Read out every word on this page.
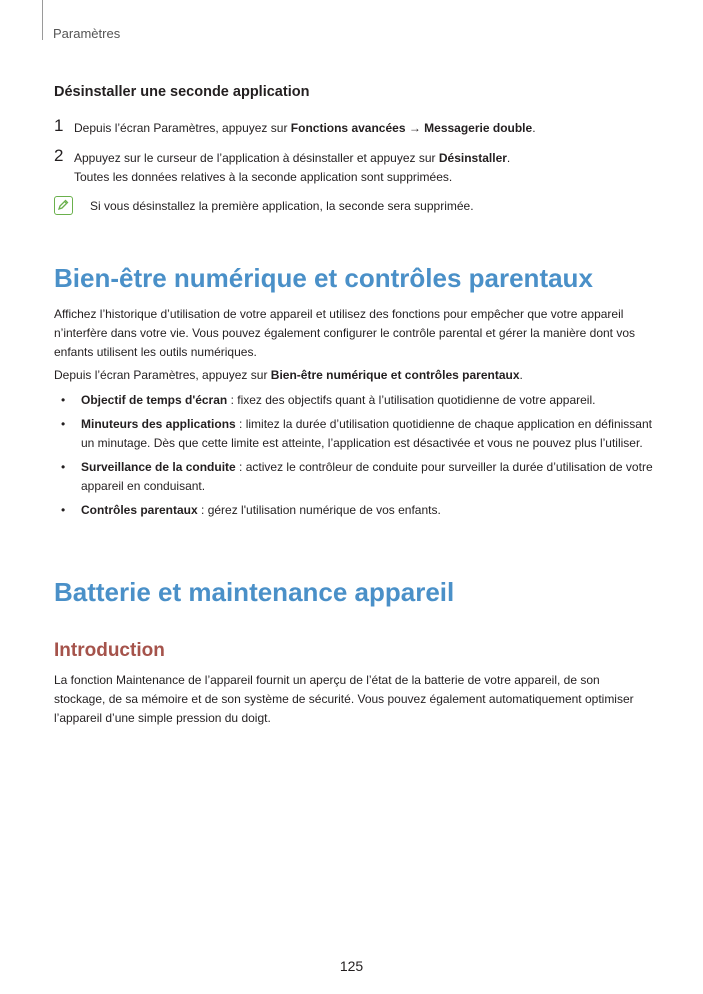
Paramètres
Désinstaller une seconde application
1 Depuis l’écran Paramètres, appuyez sur Fonctions avancées → Messagerie double.
2 Appuyez sur le curseur de l’application à désinstaller et appuyez sur Désinstaller.
Toutes les données relatives à la seconde application sont supprimées.
Si vous désinstallez la première application, la seconde sera supprimée.
Bien-être numérique et contrôles parentaux

Affichez l’historique d’utilisation de votre appareil et utilisez des fonctions pour empêcher que votre appareil n’interfère dans votre vie. Vous pouvez également configurer le contrôle parental et gérer la manière dont vos enfants utilisent les outils numériques.

Depuis l’écran Paramètres, appuyez sur Bien-être numérique et contrôles parentaux.

• Objectif de temps d'écran : fixez des objectifs quant à l’utilisation quotidienne de votre appareil.
• Minuteurs des applications : limitez la durée d’utilisation quotidienne de chaque application en définissant un minutage. Dès que cette limite est atteinte, l’application est désactivée et vous ne pouvez plus l’utiliser.
• Surveillance de la conduite : activez le contrôleur de conduite pour surveiller la durée d’utilisation de votre appareil en conduisant.
• Contrôles parentaux : gérez l'utilisation numérique de vos enfants.
Batterie et maintenance appareil
Introduction

La fonction Maintenance de l’appareil fournit un aperçu de l’état de la batterie de votre appareil, de son stockage, de sa mémoire et de son système de sécurité. Vous pouvez également automatiquement optimiser l’appareil d’une simple pression du doigt.

125
